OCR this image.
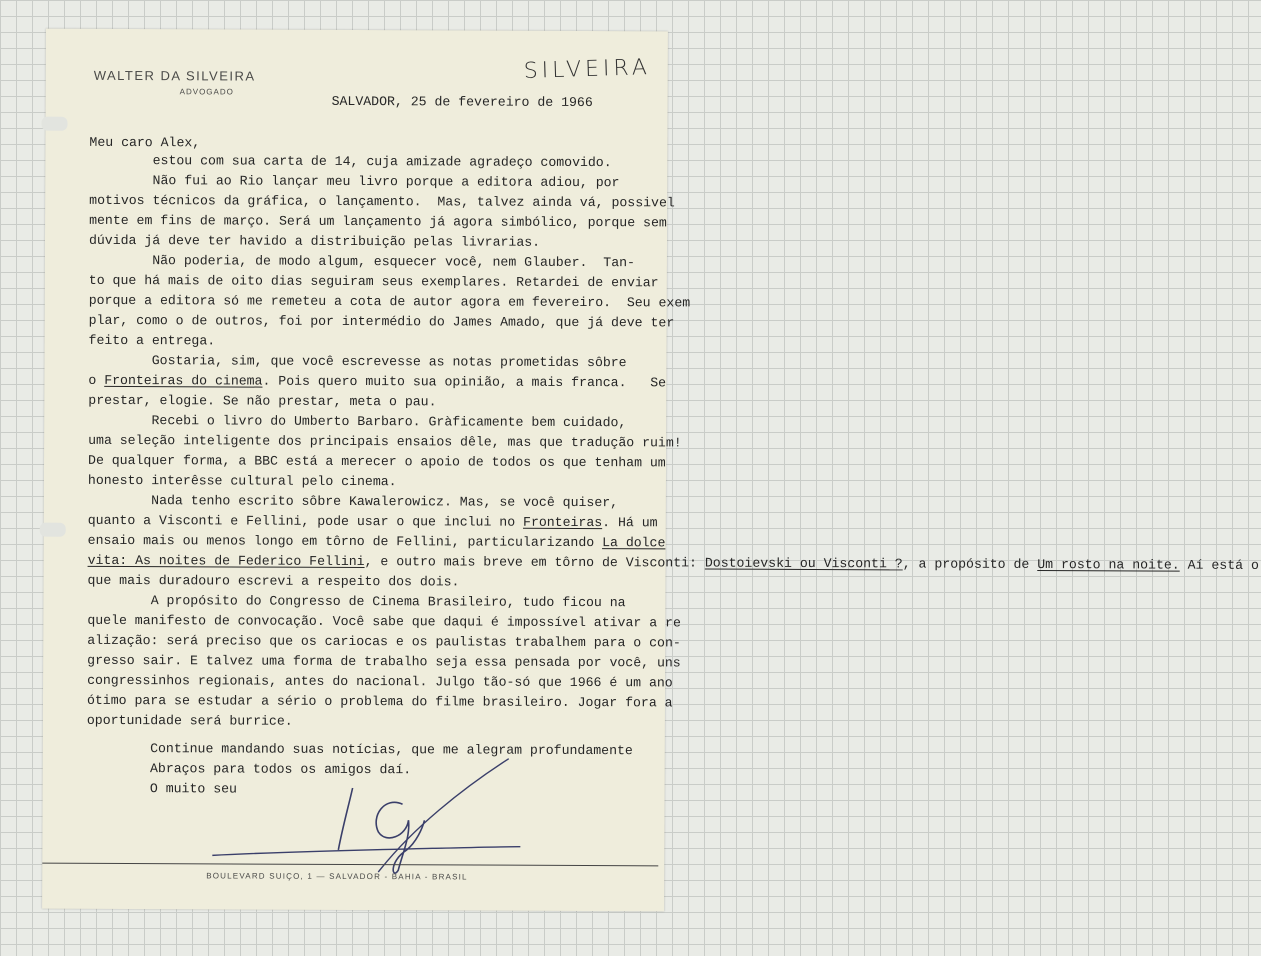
WALTER DA SILVEIRA
ADVOGADO
SILVEIRA
SALVADOR, 25 de fevereiro de 1966
Meu caro Alex,
estou com sua carta de 14, cuja amizade agradeço comovido.
Não fui ao Rio lançar meu livro porque a editora adiou, por
motivos técnicos da gráfica, o lançamento.  Mas, talvez ainda vá, possivel
mente em fins de março. Será um lançamento já agora simbólico, porque sem
dúvida já deve ter havido a distribuição pelas livrarias.
Não poderia, de modo algum, esquecer você, nem Glauber.  Tan-
to que há mais de oito dias seguiram seus exemplares. Retardei de enviar
porque a editora só me remeteu a cota de autor agora em fevereiro.  Seu exem
plar, como o de outros, foi por intermédio do James Amado, que já deve ter
feito a entrega.
Gostaria, sim, que você escrevesse as notas prometidas sôbre
o Fronteiras do cinema. Pois quero muito sua opinião, a mais franca.   Se
prestar, elogie. Se não prestar, meta o pau.
Recebi o livro do Umberto Barbaro. Gràficamente bem cuidado,
uma seleção inteligente dos principais ensaios dêle, mas que tradução ruim!
De qualquer forma, a BBC está a merecer o apoio de todos os que tenham um
honesto interêsse cultural pelo cinema.
Nada tenho escrito sôbre Kawalerowicz. Mas, se você quiser,
quanto a Visconti e Fellini, pode usar o que inclui no Fronteiras. Há um
ensaio mais ou menos longo em tôrno de Fellini, particularizando La dolce
vita: As noites de Federico Fellini, e outro mais breve em tôrno de Visconti: Dostoievski ou Visconti ?, a propósito de Um rosto na noite. Aí está o
que mais duradouro escrevi a respeito dos dois.
A propósito do Congresso de Cinema Brasileiro, tudo ficou na
quele manifesto de convocação. Você sabe que daqui é impossível ativar a re
alização: será preciso que os cariocas e os paulistas trabalhem para o con-
gresso sair. E talvez uma forma de trabalho seja essa pensada por você, uns
congressinhos regionais, antes do nacional. Julgo tão-só que 1966 é um ano
ótimo para se estudar a sério o problema do filme brasileiro. Jogar fora a
oportunidade será burrice.
Continue mandando suas notícias, que me alegram profundamente
Abraços para todos os amigos daí.
O muito seu
BOULEVARD SUIÇO, 1 — SALVADOR - BAHIA - BRASIL
